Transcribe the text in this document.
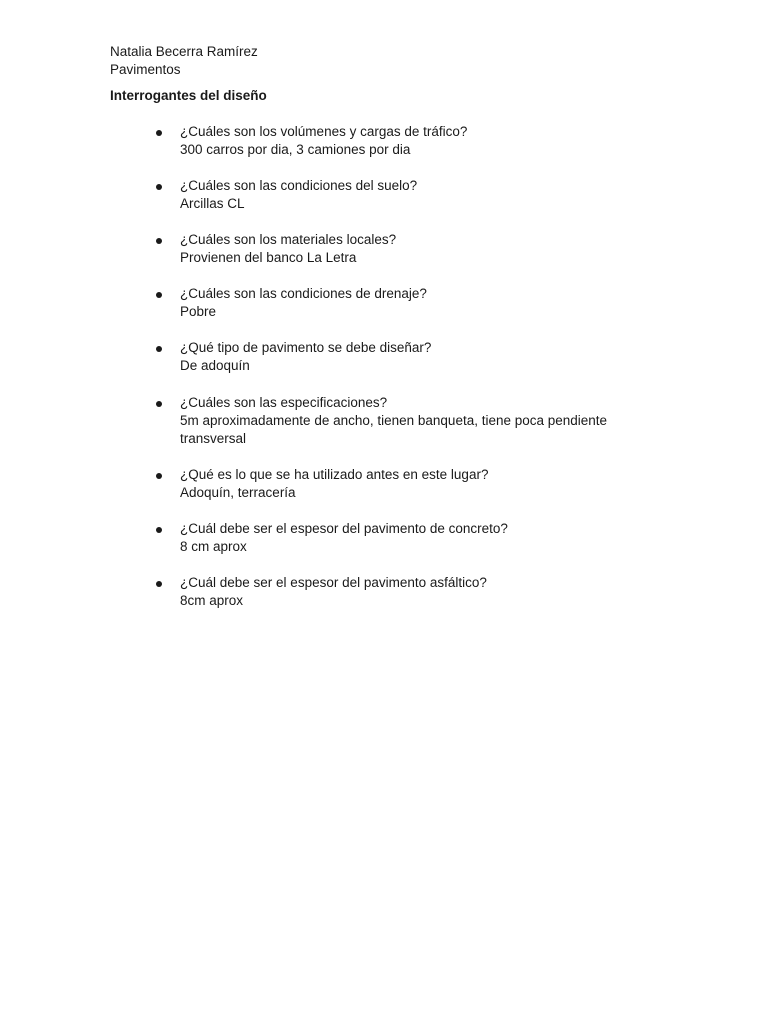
Natalia Becerra Ramírez
Pavimentos
Interrogantes del diseño
¿Cuáles son los volúmenes y cargas de tráfico?
300 carros por dia, 3 camiones por dia
¿Cuáles son las condiciones del suelo?
Arcillas CL
¿Cuáles son los materiales locales?
Provienen del banco La Letra
¿Cuáles son las condiciones de drenaje?
Pobre
¿Qué tipo de pavimento se debe diseñar?
De adoquín
¿Cuáles son las especificaciones?
5m aproximadamente de ancho, tienen banqueta, tiene poca pendiente transversal
¿Qué es lo que se ha utilizado antes en este lugar?
Adoquín, terracería
¿Cuál debe ser el espesor del pavimento de concreto?
8 cm aprox
¿Cuál debe ser el espesor del pavimento asfáltico?
8cm aprox
